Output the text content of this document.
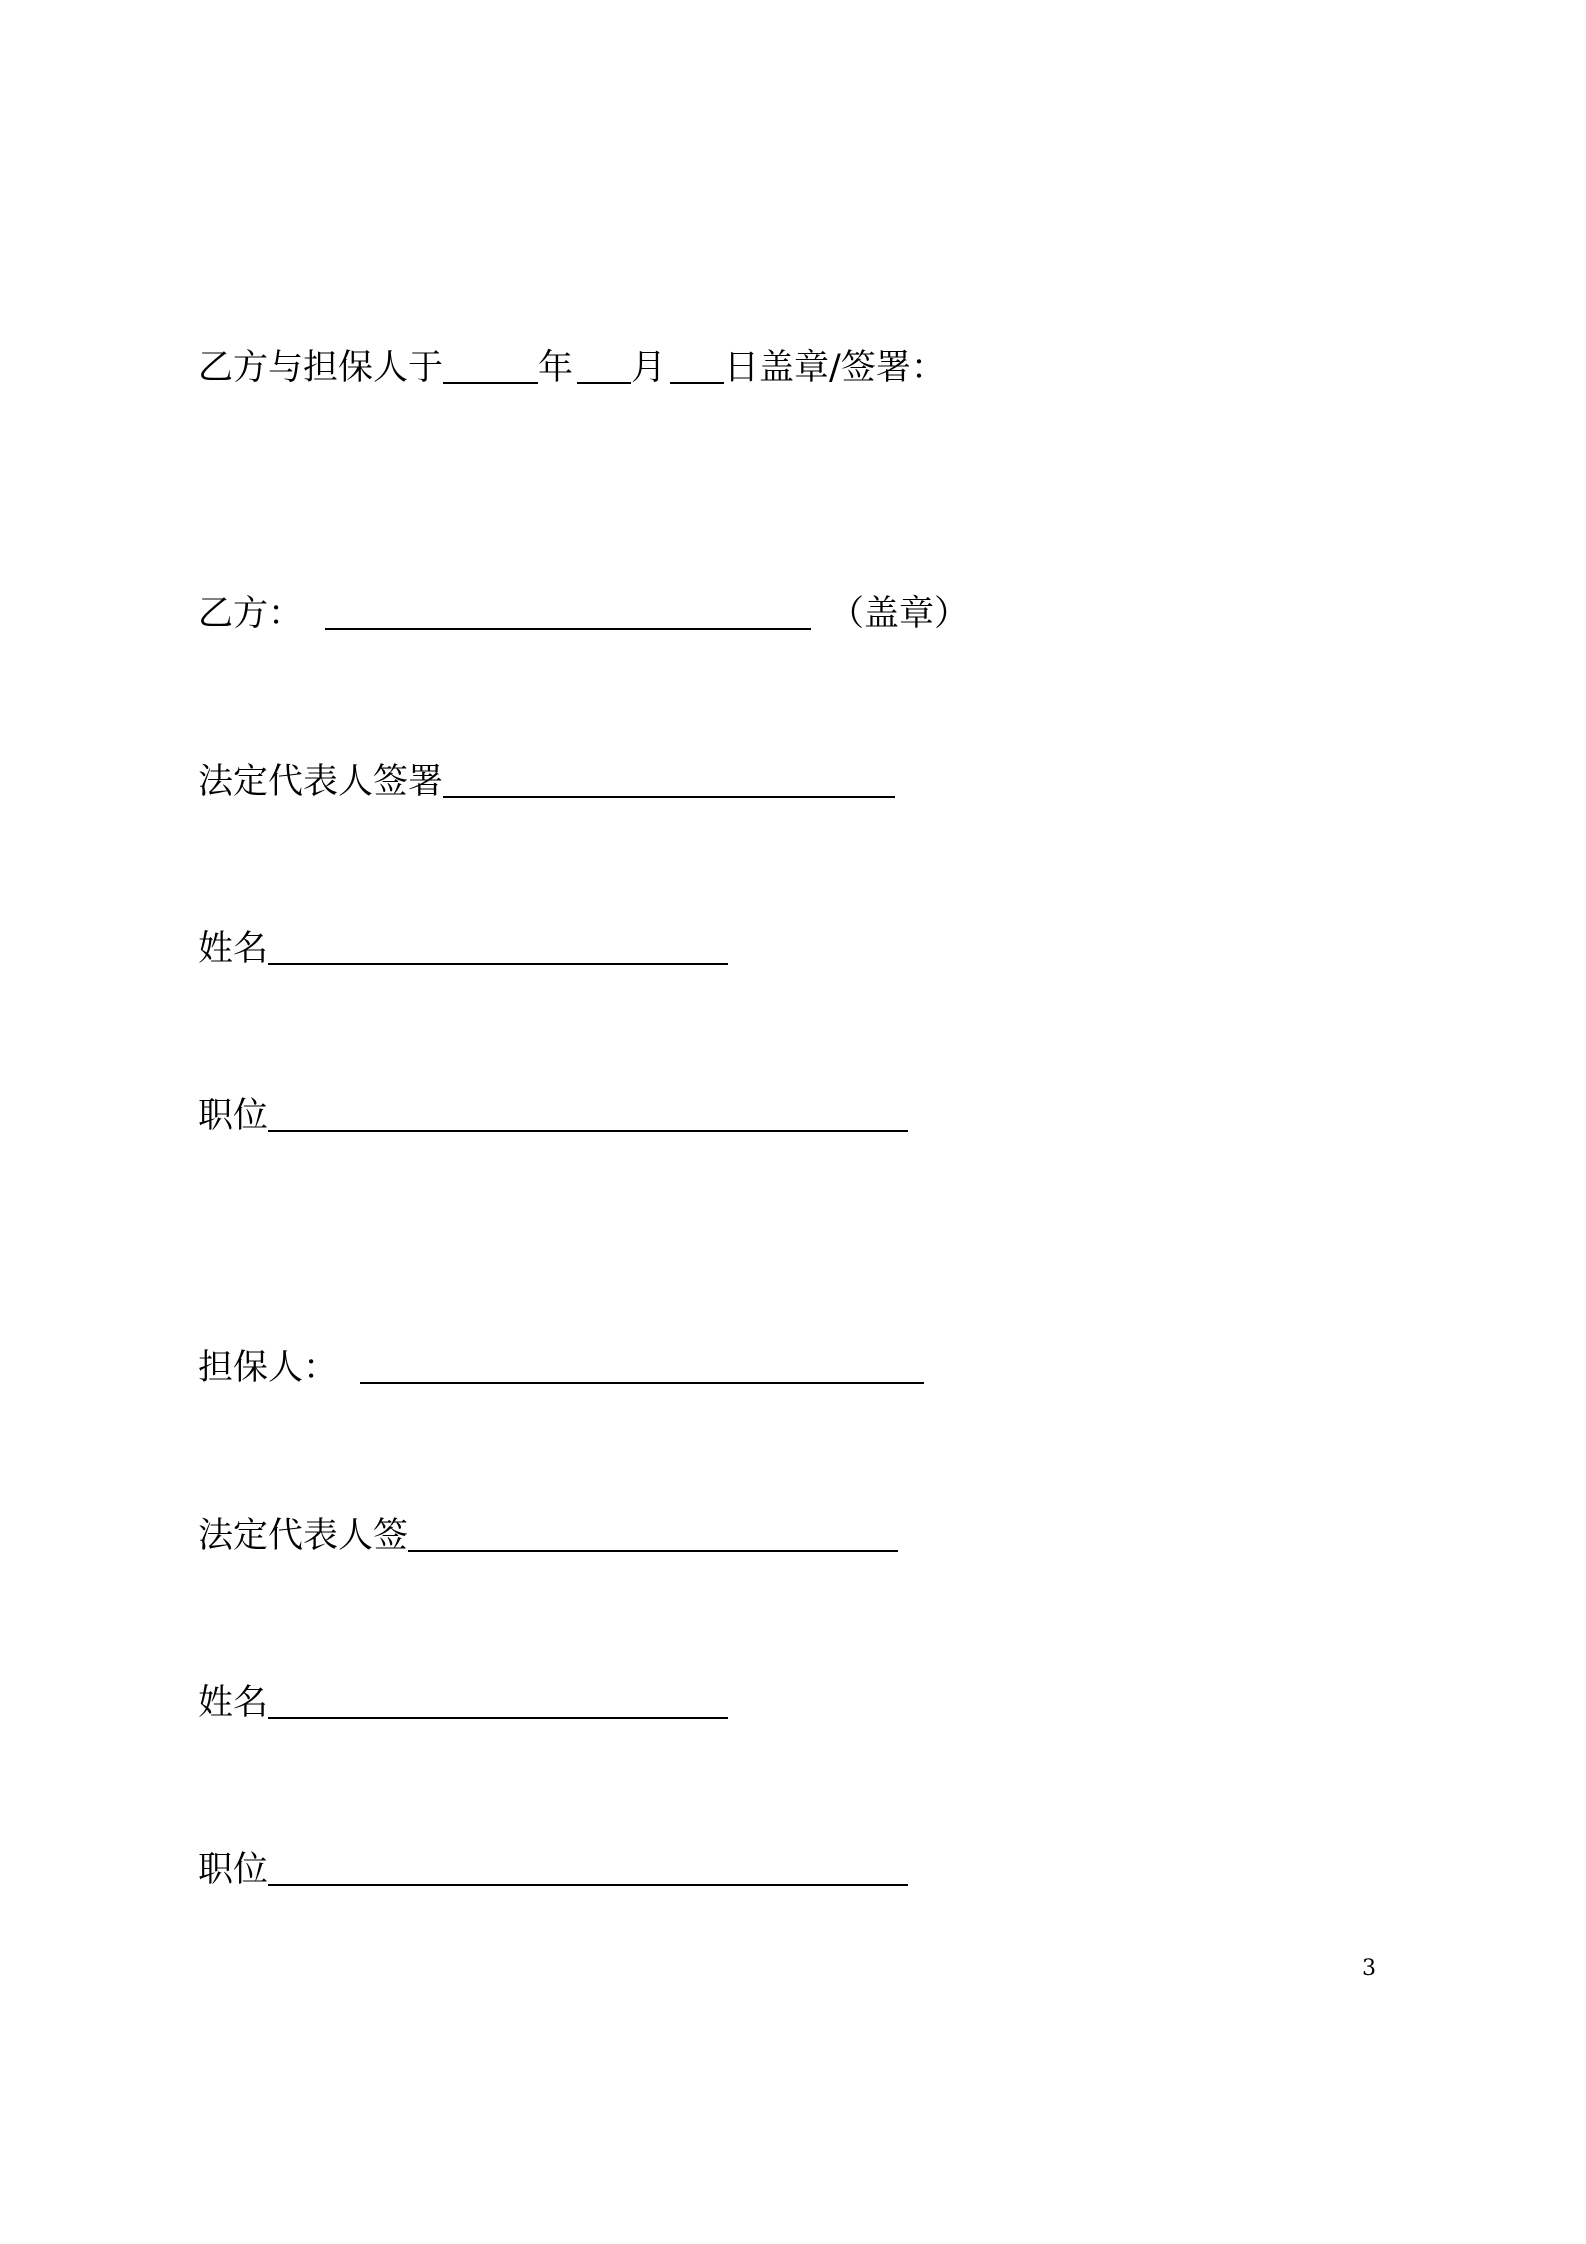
乙方与担保人于	年 月 日盖章/签署：
乙方：	（盖章）
法定代表人签署
姓名
职位
担保人：
法定代表人签
姓名
职位
3
